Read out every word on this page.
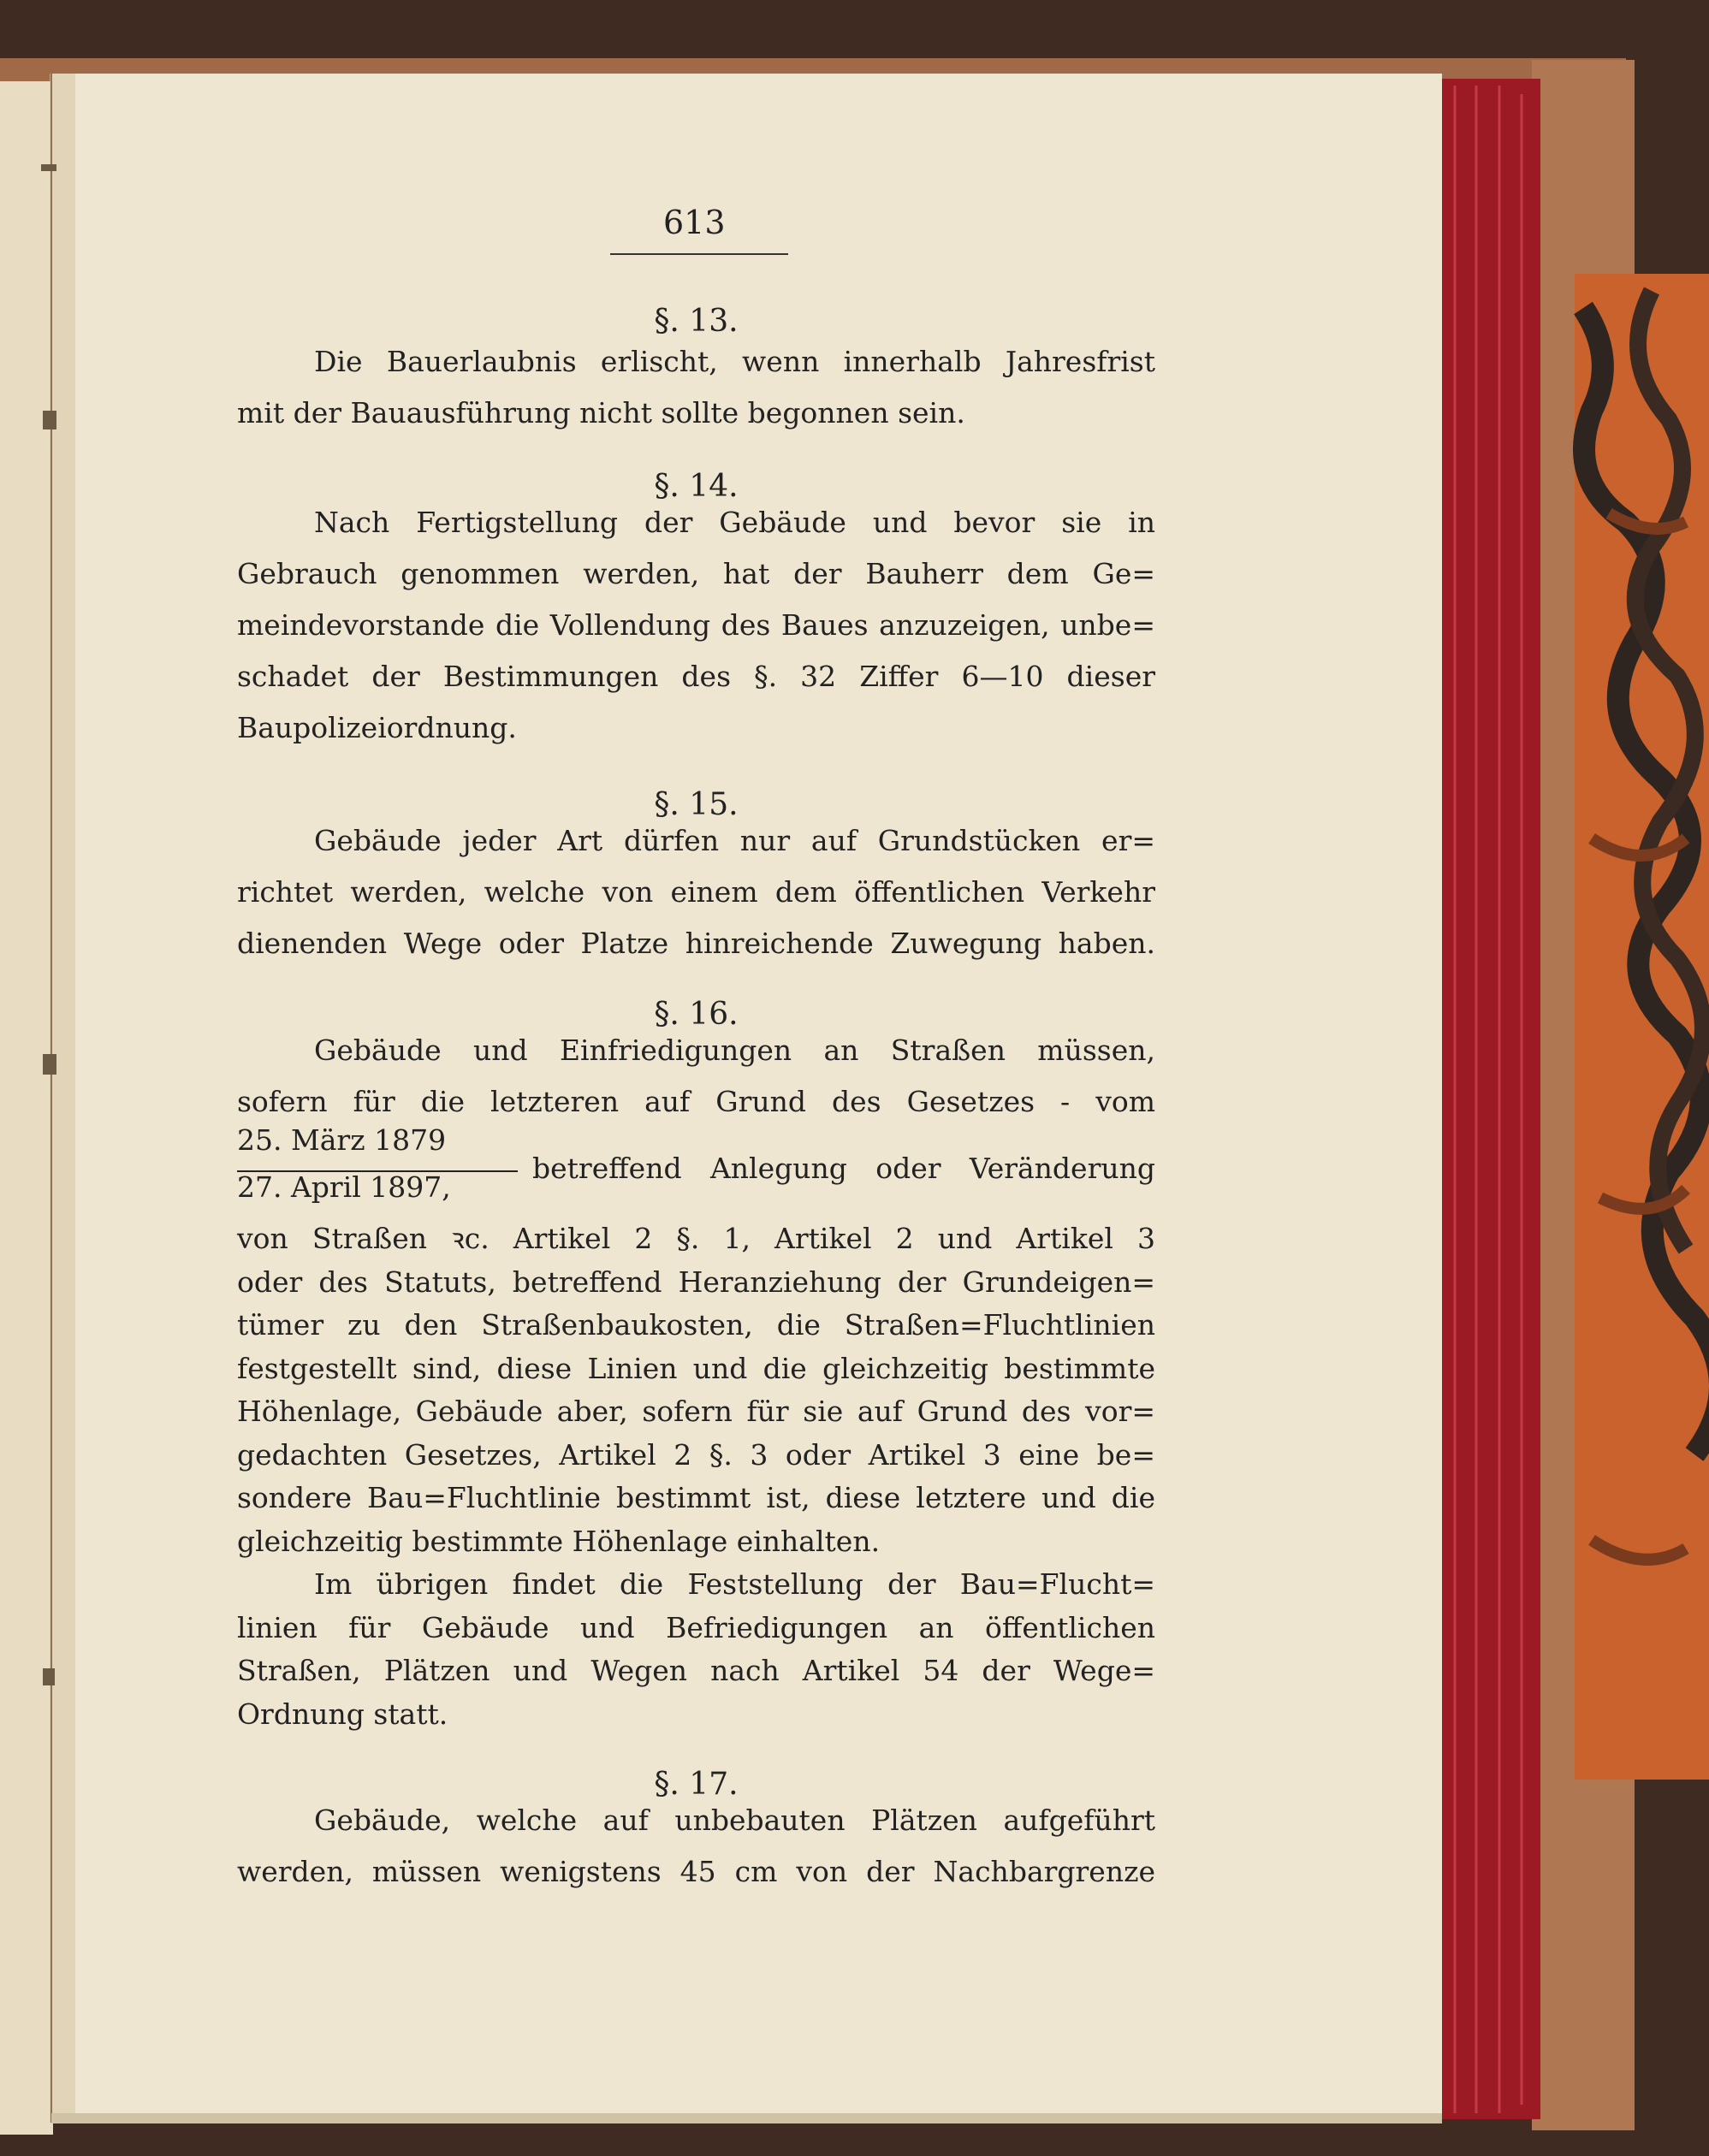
§. 13.
Die Bauerlaubnis erlischt, wenn innerhalb Jahresfrist
mit der Bauausführung nicht sollte begonnen sein.
§. 14.
Nach Fertigstellung der Gebäude und bevor sie in
Gebrauch genommen werden, hat der Bauherr dem Ge=
meindevorstande die Vollendung des Baues anzuzeigen, unbe=
schadet der Bestimmungen des §. 32 Ziffer 6—10 dieser
Baupolizeiordnung.
§. 15.
Gebäude jeder Art dürfen nur auf Grundstücken er=
richtet werden, welche von einem dem öffentlichen Verkehr
dienenden Wege oder Platze hinreichende Zuwegung haben.
§. 16.
Gebäude und Einfriedigungen an Straßen müssen,
sofern für die letzteren auf Grund des Gesetzes - vom
§. 17.
Gebäude, welche auf unbebauten Plätzen aufgeführt
werden, müssen wenigstens 45 cm von der Nachbargrenze
25. März 1879
27. April 1897,
betreffend Anlegung oder Veränderung
von Straßen ꝛc. Artikel 2 §. 1, Artikel 2 und Artikel 3
oder des Statuts, betreffend Heranziehung der Grundeigen=
tümer zu den Straßenbaukosten, die Straßen=Fluchtlinien
festgestellt sind, diese Linien und die gleichzeitig bestimmte
Höhenlage, Gebäude aber, sofern für sie auf Grund des vor=
gedachten Gesetzes, Artikel 2 §. 3 oder Artikel 3 eine be=
sondere Bau=Fluchtlinie bestimmt ist, diese letztere und die
gleichzeitig bestimmte Höhenlage einhalten.
Im übrigen findet die Feststellung der Bau=Flucht=
linien für Gebäude und Befriedigungen an öffentlichen
Straßen, Plätzen und Wegen nach Artikel 54 der Wege=
Ordnung statt.
613
